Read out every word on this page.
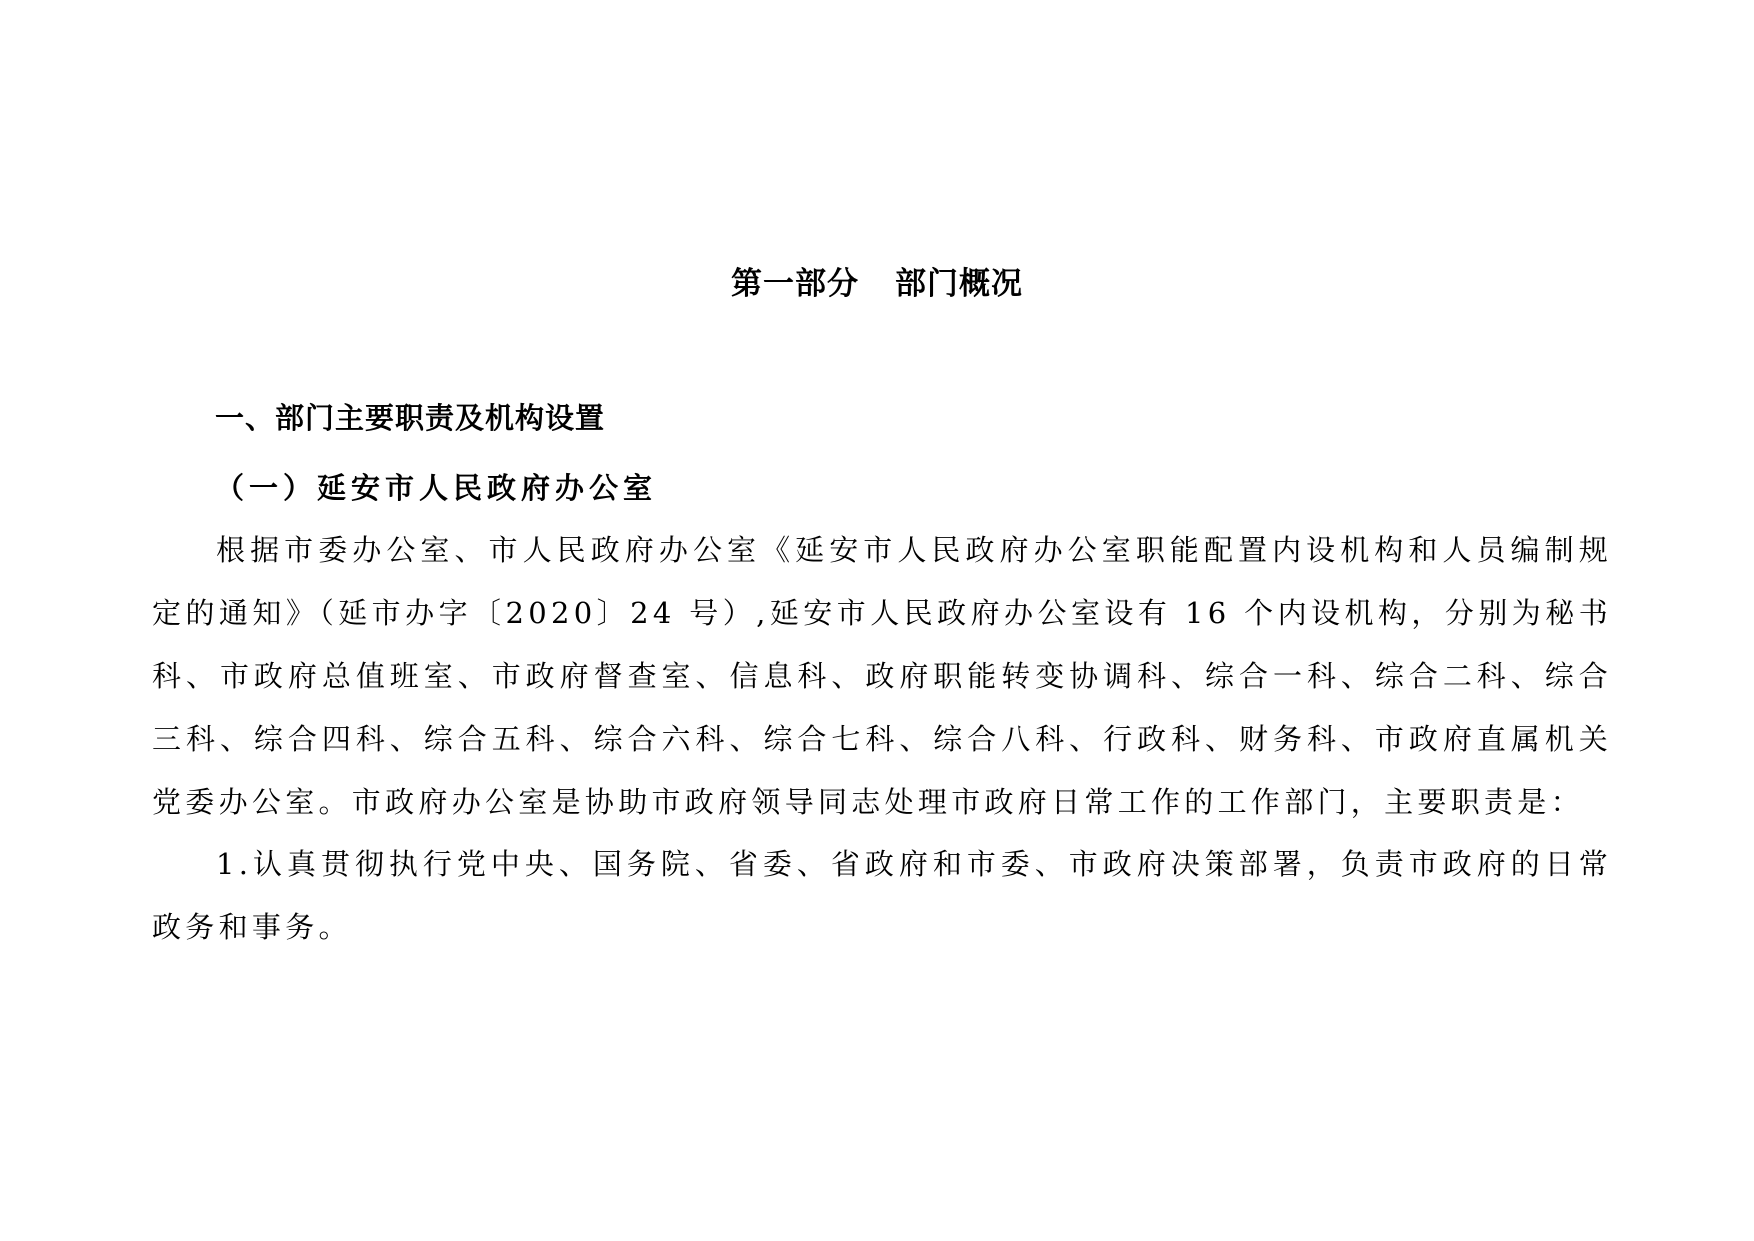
第一部分 部门概况
一、部门主要职责及机构设置
（一）延安市人民政府办公室
根据市委办公室、市人民政府办公室《延安市人民政府办公室职能配置内设机构和人员编制规定的通知》（延市办字〔2020〕24 号）,延安市人民政府办公室设有 16 个内设机构，分别为秘书科、市政府总值班室、市政府督查室、信息科、政府职能转变协调科、综合一科、综合二科、综合三科、综合四科、综合五科、综合六科、综合七科、综合八科、行政科、财务科、市政府直属机关党委办公室。市政府办公室是协助市政府领导同志处理市政府日常工作的工作部门，主要职责是：
1.认真贯彻执行党中央、国务院、省委、省政府和市委、市政府决策部署，负责市政府的日常政务和事务。
